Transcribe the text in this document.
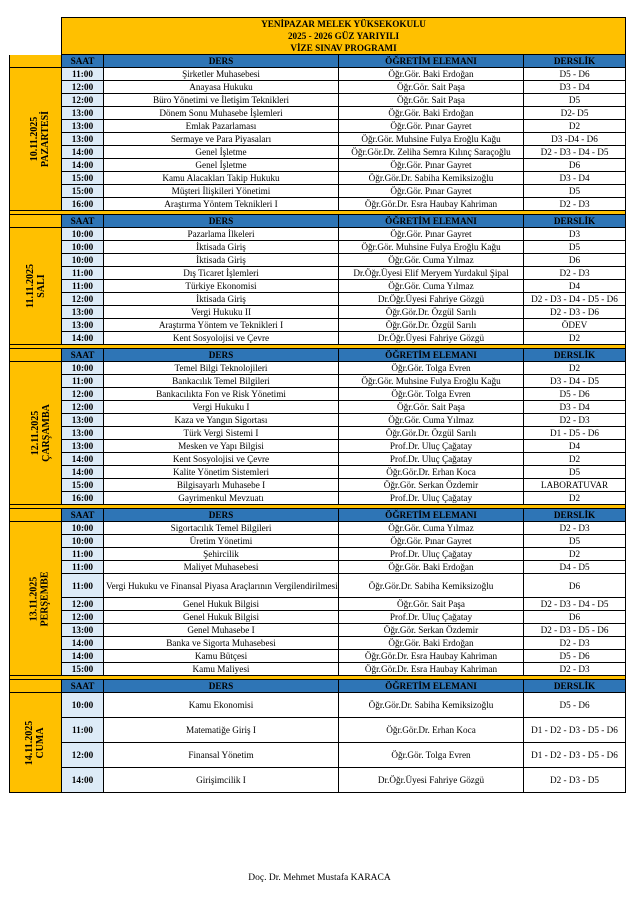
	YENİPAZAR MELEK YÜKSEKOKULU
2025 - 2026 GÜZ YARIYILI
VİZE SINAV PROGRAMI			

	SAAT	DERS	ÖĞRETİM ELEMANI	DERSLİK

10.11.2025 PAZARTESİ	11:00	Şirketler Muhasebesi	Öğr.Gör. Baki Erdoğan	D5 - D6
	12:00	Anayasa Hukuku	Öğr.Gör. Sait Paşa	D3 - D4
	12:00	Büro Yönetimi ve İletişim Teknikleri	Öğr.Gör. Sait Paşa	D5
	13:00	Dönem Sonu Muhasebe İşlemleri	Öğr.Gör. Baki Erdoğan	D2- D5
	13:00	Emlak Pazarlaması	Öğr.Gör. Pınar Gayret	D2
	13:00	Sermaye ve Para Piyasaları	Öğr.Gör. Muhsine Fulya Eroğlu Kağu	D3 -D4 - D6
	14:00	Genel İşletme	Öğr.Gör.Dr. Zeliha Semra Kılınç Saraçoğlu	D2 - D3 - D4 - D5
	14:00	Genel İşletme	Öğr.Gör. Pınar Gayret	D6
	15:00	Kamu Alacakları Takip Hukuku	Öğr.Gör.Dr. Sabiha Kemiksizoğlu	D3 - D4
	15:00	Müşteri İlişkileri Yönetimi	Öğr.Gör. Pınar Gayret	D5
	16:00	Araştırma Yöntem Teknikleri I	Öğr.Gör.Dr. Esra Haubay Kahriman	D2 - D3

	SAAT	DERS	ÖĞRETİM ELEMANI	DERSLİK

11.11.2025 SALI	10:00	Pazarlama İlkeleri	Öğr.Gör. Pınar Gayret	D3
	10:00	İktisada Giriş	Öğr.Gör. Muhsine Fulya Eroğlu Kağu	D5
	10:00	İktisada Giriş	Öğr.Gör. Cuma Yılmaz	D6
	11:00	Dış Ticaret İşlemleri	Dr.Öğr.Üyesi Elif Meryem Yurdakul Şipal	D2 - D3
	11:00	Türkiye Ekonomisi	Öğr.Gör. Cuma Yılmaz	D4
	12:00	İktisada Giriş	Dr.Öğr.Üyesi Fahriye Gözgü	D2 - D3 - D4 - D5 - D6
	13:00	Vergi Hukuku II	Öğr.Gör.Dr. Özgül Sarılı	D2 - D3 - D6
	13:00	Araştırma Yöntem ve Teknikleri I	Öğr.Gör.Dr. Özgül Sarılı	ÖDEV
	14:00	Kent Sosyolojisi ve Çevre	Dr.Öğr.Üyesi Fahriye Gözgü	D2

	SAAT	DERS	ÖĞRETİM ELEMANI	DERSLİK

12.11.2025 ÇARŞAMBA	10:00	Temel Bilgi Teknolojileri	Öğr.Gör. Tolga Evren	D2
	11:00	Bankacılık Temel Bilgileri	Öğr.Gör. Muhsine Fulya Eroğlu Kağu	D3 - D4 - D5
	12:00	Bankacılıkta Fon ve Risk Yönetimi	Öğr.Gör. Tolga Evren	D5 - D6
	12:00	Vergi Hukuku I	Öğr.Gör. Sait Paşa	D3 - D4
	13:00	Kaza ve Yangın Sigortası	Öğr.Gör. Cuma Yılmaz	D2 - D3
	13:00	Türk Vergi Sistemi I	Öğr.Gör.Dr. Özgül Sarılı	D1 - D5 - D6
	13:00	Mesken ve Yapı Bilgisi	Prof.Dr. Uluç Çağatay	D4
	14:00	Kent Sosyolojisi ve Çevre	Prof.Dr. Uluç Çağatay	D2
	14:00	Kalite Yönetim Sistemleri	Öğr.Gör.Dr. Erhan Koca	D5
	15:00	Bilgisayarlı Muhasebe I	Öğr.Gör. Serkan Özdemir	LABORATUVAR
	16:00	Gayrimenkul Mevzuatı	Prof.Dr. Uluç Çağatay	D2

	SAAT	DERS	ÖĞRETİM ELEMANI	DERSLİK

13.11.2025 PERŞEMBE	10:00	Sigortacılık Temel Bilgileri	Öğr.Gör. Cuma Yılmaz	D2 - D3
	10:00	Üretim Yönetimi	Öğr.Gör. Pınar Gayret	D5
	11:00	Şehircilik	Prof.Dr. Uluç Çağatay	D2
	11:00	Maliyet Muhasebesi	Öğr.Gör. Baki Erdoğan	D4 - D5
	11:00	Vergi Hukuku ve Finansal Piyasa Araçlarının Vergilendirilmesi	Öğr.Gör.Dr. Sabiha Kemiksizoğlu	D6
	12:00	Genel Hukuk Bilgisi	Öğr.Gör. Sait Paşa	D2 - D3 - D4 - D5
	12:00	Genel Hukuk Bilgisi	Prof.Dr. Uluç Çağatay	D6
	13:00	Genel Muhasebe I	Öğr.Gör. Serkan Özdemir	D2 - D3 - D5 - D6
	14:00	Banka ve Sigorta Muhasebesi	Öğr.Gör. Baki Erdoğan	D2 - D3
	14:00	Kamu Bütçesi	Öğr.Gör.Dr. Esra Haubay Kahriman	D5 - D6
	15:00	Kamu Maliyesi	Öğr.Gör.Dr. Esra Haubay Kahriman	D2 - D3

	SAAT	DERS	ÖĞRETİM ELEMANI	DERSLİK

14.11.2025 CUMA	10:00	Kamu Ekonomisi	Öğr.Gör.Dr. Sabiha Kemiksizoğlu	D5 - D6
	11:00	Matematiğe Giriş I	Öğr.Gör.Dr. Erhan Koca	D1 - D2 - D3 - D5 - D6
	12:00	Finansal Yönetim	Öğr.Gör. Tolga Evren	D1 - D2 - D3 - D5 - D6
	14:00	Girişimcilik I	Dr.Öğr.Üyesi Fahriye Gözgü	D2 - D3 - D5
Doç. Dr. Mehmet Mustafa KARACA
